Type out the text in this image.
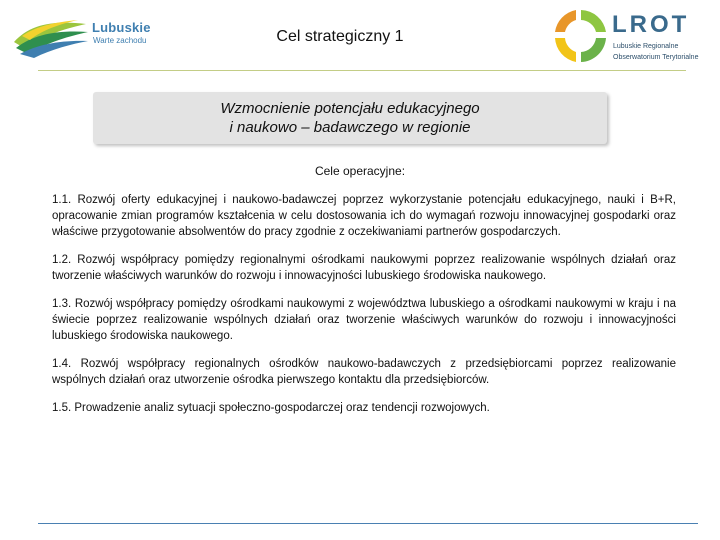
Lubuskie
Warte zachodu	Cel strategiczny 1	LROT
Lubuskie Regionalne
Obserwatorium Terytorialne
Wzmocnienie potencjału edukacyjnego
i naukowo – badawczego w regionie
Cele operacyjne:

1.1. Rozwój oferty edukacyjnej i naukowo-badawczej poprzez wykorzystanie potencjału edukacyjnego, nauki i B+R, opracowanie zmian programów kształcenia w celu dostosowania ich do wymagań rozwoju innowacyjnej gospodarki oraz właściwe przygotowanie absolwentów do pracy zgodnie z oczekiwaniami partnerów gospodarczych.

1.2. Rozwój współpracy pomiędzy regionalnymi ośrodkami naukowymi poprzez realizowanie wspólnych działań oraz tworzenie właściwych warunków do rozwoju i innowacyjności lubuskiego środowiska naukowego.

1.3. Rozwój współpracy pomiędzy ośrodkami naukowymi z województwa lubuskiego a ośrodkami naukowymi w kraju i na świecie poprzez realizowanie wspólnych działań oraz tworzenie właściwych warunków do rozwoju i innowacyjności lubuskiego środowiska naukowego.

1.4. Rozwój współpracy regionalnych ośrodków naukowo-badawczych z przedsiębiorcami poprzez realizowanie wspólnych działań oraz utworzenie ośrodka pierwszego kontaktu dla przedsiębiorców.

1.5. Prowadzenie analiz sytuacji społeczno-gospodarczej oraz tendencji rozwojowych.
